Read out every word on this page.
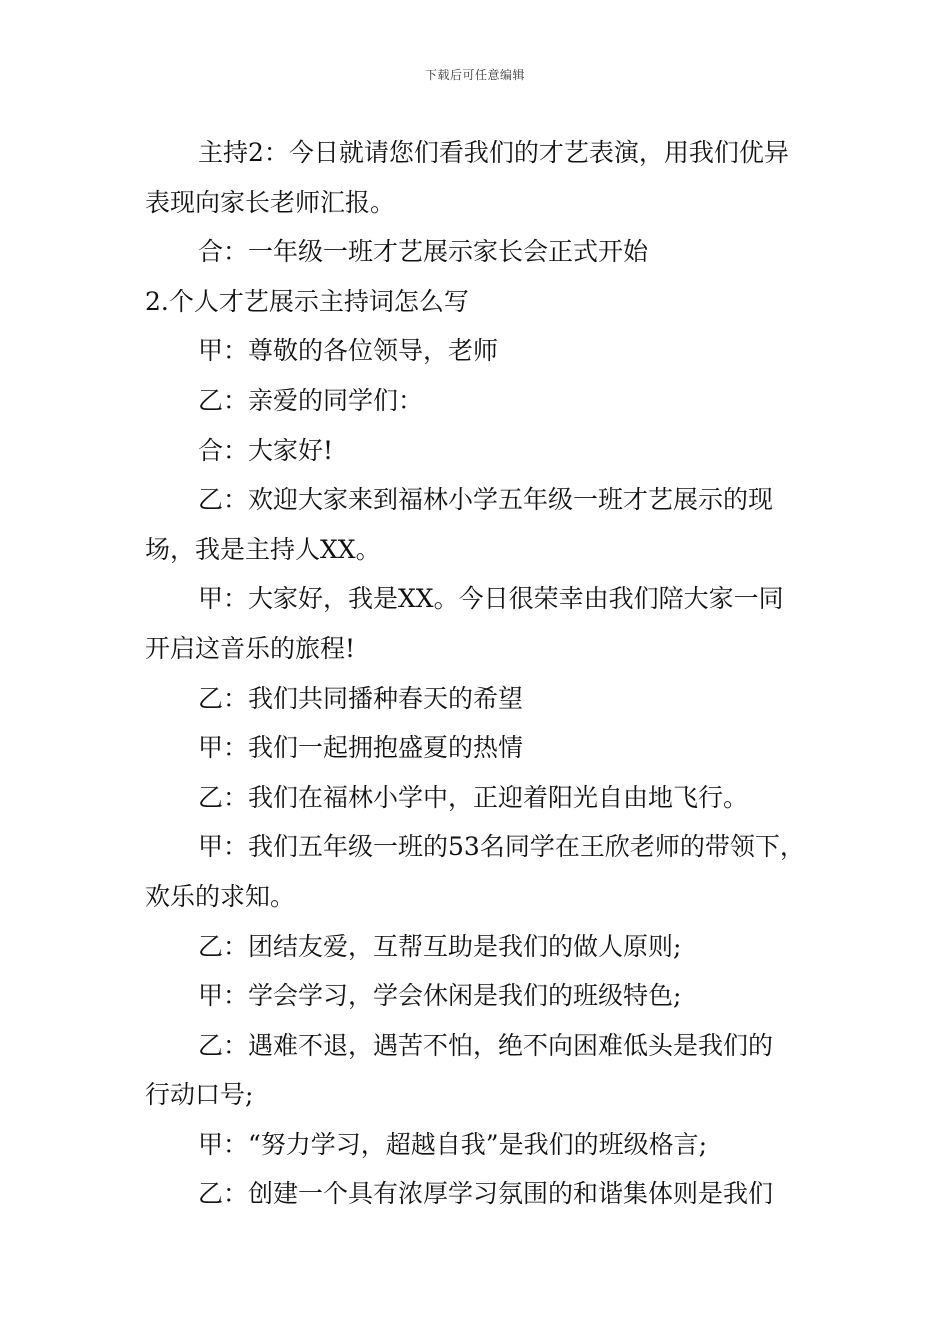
下载后可任意编辑
主持2：今日就请您们看我们的才艺表演，用我们优异
表现向家长老师汇报。
合：一年级一班才艺展示家长会正式开始
2.个人才艺展示主持词怎么写
甲：尊敬的各位领导，老师
乙：亲爱的同学们：
合：大家好!
乙：欢迎大家来到福林小学五年级一班才艺展示的现
场，我是主持人XX。
甲：大家好，我是XX。今日很荣幸由我们陪大家一同
开启这音乐的旅程!
乙：我们共同播种春天的希望
甲：我们一起拥抱盛夏的热情
乙：我们在福林小学中，正迎着阳光自由地飞行。
甲：我们五年级一班的53名同学在王欣老师的带领下，
欢乐的求知。
乙：团结友爱，互帮互助是我们的做人原则;
甲：学会学习，学会休闲是我们的班级特色;
乙：遇难不退，遇苦不怕，绝不向困难低头是我们的
行动口号;
甲：“努力学习，超越自我”是我们的班级格言;
乙：创建一个具有浓厚学习氛围的和谐集体则是我们
